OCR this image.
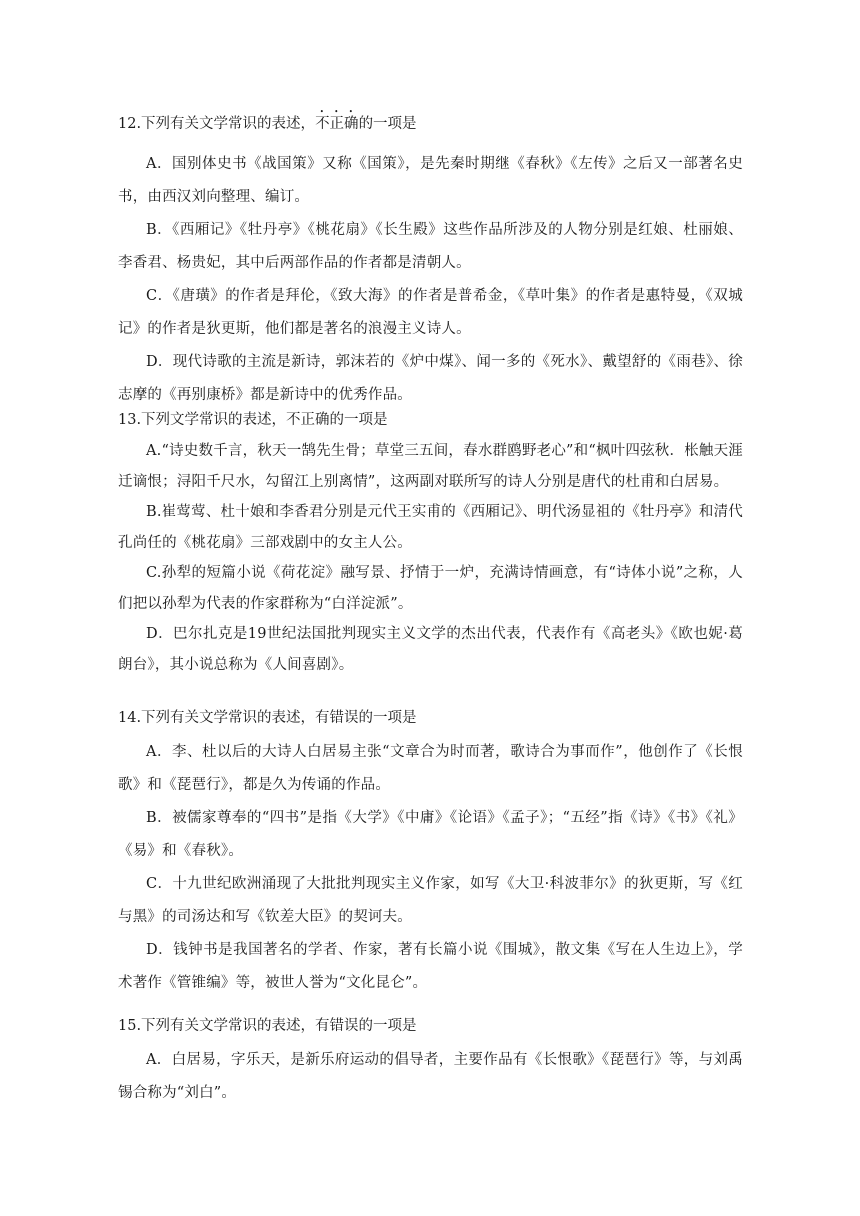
12.下列有关文学常识的表述，不正确的一项是

A．国别体史书《战国策》又称《国策》，是先秦时期继《春秋》《左传》之后又一部著名史书，由西汉刘向整理、编订。

B．《西厢记》《牡丹亭》《桃花扇》《长生殿》这些作品所涉及的人物分别是红娘、杜丽娘、李香君、杨贵妃，其中后两部作品的作者都是清朝人。

C．《唐璜》的作者是拜伦，《致大海》的作者是普希金，《草叶集》的作者是惠特曼，《双城记》的作者是狄更斯，他们都是著名的浪漫主义诗人。

D．现代诗歌的主流是新诗，郭沫若的《炉中煤》、闻一多的《死水》、戴望舒的《雨巷》、徐志摩的《再别康桥》都是新诗中的优秀作品。

13.下列文学常识的表述，不正确的一项是

A.“诗史数千言，秋天一鹄先生骨；草堂三五间，春水群鸥野老心”和“枫叶四弦秋．枨触天涯迁谪恨；浔阳千尺水，勾留江上别离情”，这两副对联所写的诗人分别是唐代的杜甫和白居易。

B.崔莺莺、杜十娘和李香君分别是元代王实甫的《西厢记》、明代汤显祖的《牡丹亭》和清代孔尚任的《桃花扇》三部戏剧中的女主人公。

C.孙犁的短篇小说《荷花淀》融写景、抒情于一炉，充满诗情画意，有“诗体小说”之称，人们把以孙犁为代表的作家群称为“白洋淀派”。

D．巴尔扎克是19世纪法国批判现实主义文学的杰出代表，代表作有《高老头》《欧也妮·葛朗台》，其小说总称为《人间喜剧》。

14.下列有关文学常识的表述，有错误的一项是

A．李、杜以后的大诗人白居易主张“文章合为时而著，歌诗合为事而作”，他创作了《长恨歌》和《琵琶行》，都是久为传诵的作品。

B．被儒家尊奉的“四书”是指《大学》《中庸》《论语》《孟子》；“五经”指《诗》《书》《礼》《易》和《春秋》。

C．十九世纪欧洲涌现了大批批判现实主义作家，如写《大卫·科波菲尔》的狄更斯，写《红与黑》的司汤达和写《钦差大臣》的契诃夫。

D．钱钟书是我国著名的学者、作家，著有长篇小说《围城》，散文集《写在人生边上》，学术著作《管锥编》等，被世人誉为“文化昆仑”。

15.下列有关文学常识的表述，有错误的一项是

A．白居易，字乐天，是新乐府运动的倡导者，主要作品有《长恨歌》《琵琶行》等，与刘禹锡合称为“刘白”。
